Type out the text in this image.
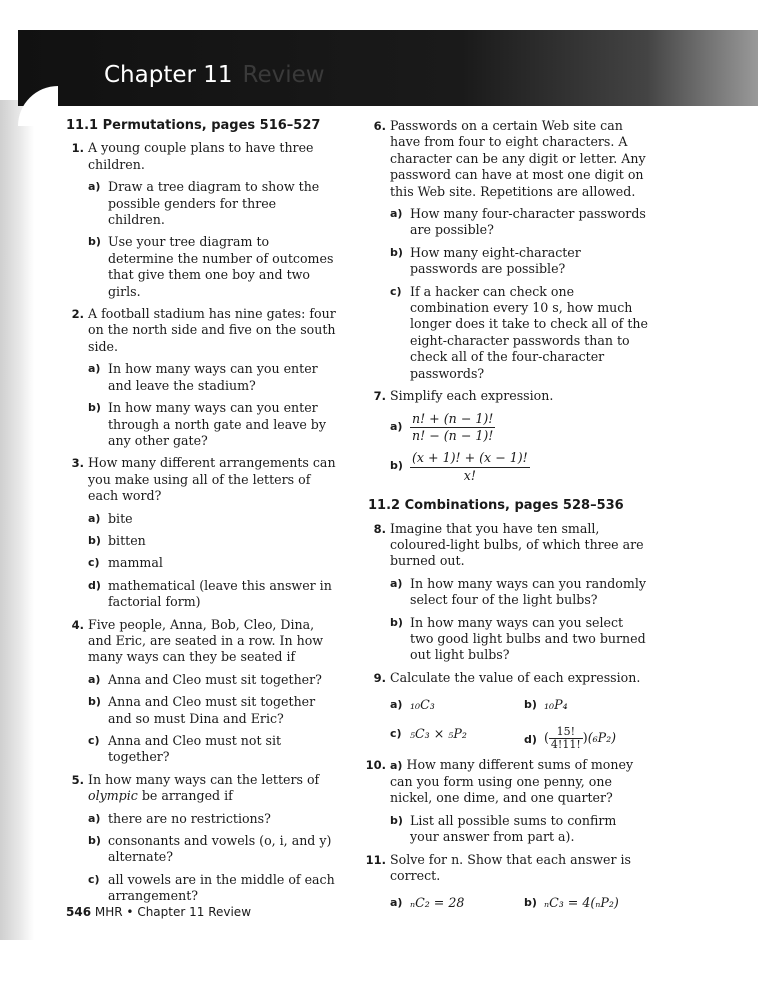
Chapter 11 Review
11.1 Permutations, pages 516–527
1. A young couple plans to have three children.
a) Draw a tree diagram to show the possible genders for three children.
b) Use your tree diagram to determine the number of outcomes that give them one boy and two girls.
2. A football stadium has nine gates: four on the north side and five on the south side.
a) In how many ways can you enter and leave the stadium?
b) In how many ways can you enter through a north gate and leave by any other gate?
3. How many different arrangements can you make using all of the letters of each word?
a) bite
b) bitten
c) mammal
d) mathematical (leave this answer in factorial form)
4. Five people, Anna, Bob, Cleo, Dina, and Eric, are seated in a row. In how many ways can they be seated if
a) Anna and Cleo must sit together?
b) Anna and Cleo must sit together and so must Dina and Eric?
c) Anna and Cleo must not sit together?
5. In how many ways can the letters of olympic be arranged if
a) there are no restrictions?
b) consonants and vowels (o, i, and y) alternate?
c) all vowels are in the middle of each arrangement?
6. Passwords on a certain Web site can have from four to eight characters. A character can be any digit or letter. Any password can have at most one digit on this Web site. Repetitions are allowed.
a) How many four-character passwords are possible?
b) How many eight-character passwords are possible?
c) If a hacker can check one combination every 10 s, how much longer does it take to check all of the eight-character passwords than to check all of the four-character passwords?
7. Simplify each expression.
$a) \frac{n! + (n - 1)!}{n! - (n - 1)!}$
$b) \frac{(x + 1)! + (x - 1)!}{x!}$
11.2 Combinations, pages 528–536
8. Imagine that you have ten small, coloured-light bulbs, of which three are burned out.
a) In how many ways can you randomly select four of the light bulbs?
b) In how many ways can you select two good light bulbs and two burned out light bulbs?
9. Calculate the value of each expression.
a) ₁₀C₃	b) ₁₀P₄
c) ₅C₃ × ₅P₂	d) ( $\frac{15!}{4!11!} )(_6P_2)$
10. a) How many different sums of money can you form using one penny, one nickel, one dime, and one quarter?
b) List all possible sums to confirm your answer from part a).
11. Solve for n. Show that each answer is correct.
a) ₙC₂ = 28	b) ₙC₃ = 4(ₙP₂)
546 MHR • Chapter 11 Review
